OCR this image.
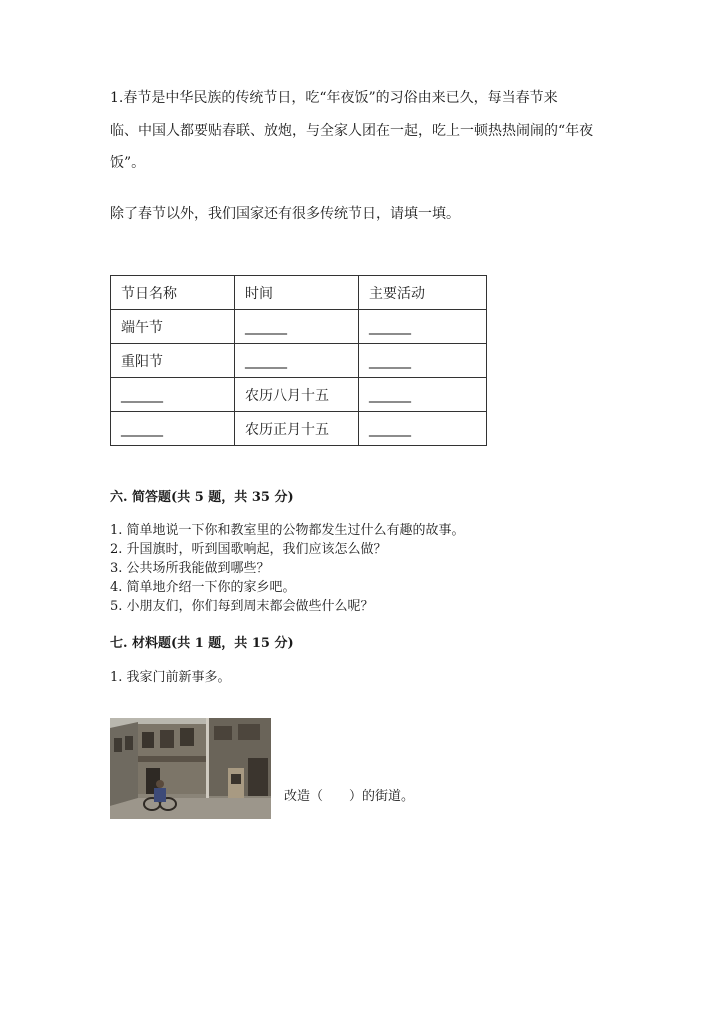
1.春节是中华民族的传统节日，吃“年夜饭”的习俗由来已久，每当春节来

临、中国人都要贴春联、放炮，与全家人团在一起，吃上一顿热热闹闹的“年夜

饭”。

除了春节以外，我们国家还有很多传统节日，请填一填。

节日名称	时间	主要活动
端午节	______	______
重阳节	______	______
______	农历八月十五	______
______	农历正月十五	______
六. 简答题(共 5 题，共 35 分)
1. 简单地说一下你和教室里的公物都发生过什么有趣的故事。
2. 升国旗时，听到国歌响起，我们应该怎么做？
3. 公共场所我能做到哪些？
4. 简单地介绍一下你的家乡吧。
5. 小朋友们，你们每到周末都会做些什么呢？
七. 材料题(共 1 题，共 15 分)
1. 我家门前新事多。
改造（　　）的街道。
